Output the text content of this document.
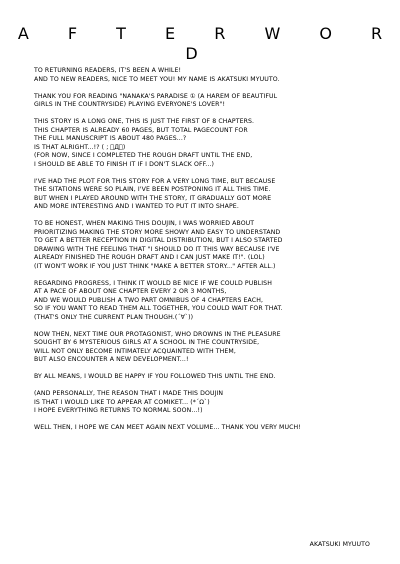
A F T E R W O R D
TO RETURNING READERS, IT'S BEEN A WHILE!
AND TO NEW READERS, NICE TO MEET YOU! MY NAME IS AKATSUKI MYUUTO.
THANK YOU FOR READING "NANAKA'S PARADISE ① (A HAREM OF BEAUTIFUL
GIRLS IN THE COUNTRYSIDE) PLAYING EVERYONE'S LOVER"!
THIS STORY IS A LONG ONE, THIS IS JUST THE FIRST OF 8 CHAPTERS.
THIS CHAPTER IS ALREADY 60 PAGES, BUT TOTAL PAGECOUNT FOR
THE FULL MANUSCRIPT IS ABOUT 480 PAGES...?
IS THAT ALRIGHT...!? ( ; ゚Д゚)
(FOR NOW, SINCE I COMPLETED THE ROUGH DRAFT UNTIL THE END,
I SHOULD BE ABLE TO FINISH IT IF I DON'T SLACK OFF...)
I'VE HAD THE PLOT FOR THIS STORY FOR A VERY LONG TIME, BUT BECAUSE
THE SITATIONS WERE SO PLAIN, I'VE BEEN POSTPONING IT ALL THIS TIME.
BUT WHEN I PLAYED AROUND WITH THE STORY, IT GRADUALLY GOT MORE
AND MORE INTERESTING AND I WANTED TO PUT IT INTO SHAPE.
TO BE HONEST, WHEN MAKING THIS DOUJIN, I WAS WORRIED ABOUT
PRIORITIZING MAKING THE STORY MORE SHOWY AND EASY TO UNDERSTAND
TO GET A BETTER RECEPTION IN DIGITAL DISTRIBUTION, BUT I ALSO STARTED
DRAWING WITH THE FEELING THAT "I SHOULD DO IT THIS WAY BECAUSE I'VE
ALREADY FINISHED THE ROUGH DRAFT AND I CAN JUST MAKE IT!". (LOL)
(IT WON'T WORK IF YOU JUST THINK "MAKE A BETTER STORY..." AFTER ALL.)
REGARDING PROGRESS, I THINK IT WOULD BE NICE IF WE COULD PUBLISH
AT A PACE OF ABOUT ONE CHAPTER EVERY 2 OR 3 MONTHS,
AND WE WOULD PUBLISH A TWO PART OMNIBUS OF 4 CHAPTERS EACH,
SO IF YOU WANT TO READ THEM ALL TOGETHER, YOU COULD WAIT FOR THAT.
(THAT'S ONLY THE CURRENT PLAN THOUGH.(´∀`))
NOW THEN, NEXT TIME OUR PROTAGONIST, WHO DROWNS IN THE PLEASURE
SOUGHT BY 6 MYSTERIOUS GIRLS AT A SCHOOL IN THE COUNTRYSIDE,
WILL NOT ONLY BECOME INTIMATELY ACQUAINTED WITH THEM,
BUT ALSO ENCOUNTER A NEW DEVELOPMENT...!
BY ALL MEANS, I WOULD BE HAPPY IF YOU FOLLOWED THIS UNTIL THE END.
(AND PERSONALLY, THE REASON THAT I MADE THIS DOUJIN
IS THAT I WOULD LIKE TO APPEAR AT COMIKET... (*´Ω`)
I HOPE EVERYTHING RETURNS TO NORMAL SOON...!)
WELL THEN, I HOPE WE CAN MEET AGAIN NEXT VOLUME... THANK YOU VERY MUCH!
AKATSUKI MYUUTO
